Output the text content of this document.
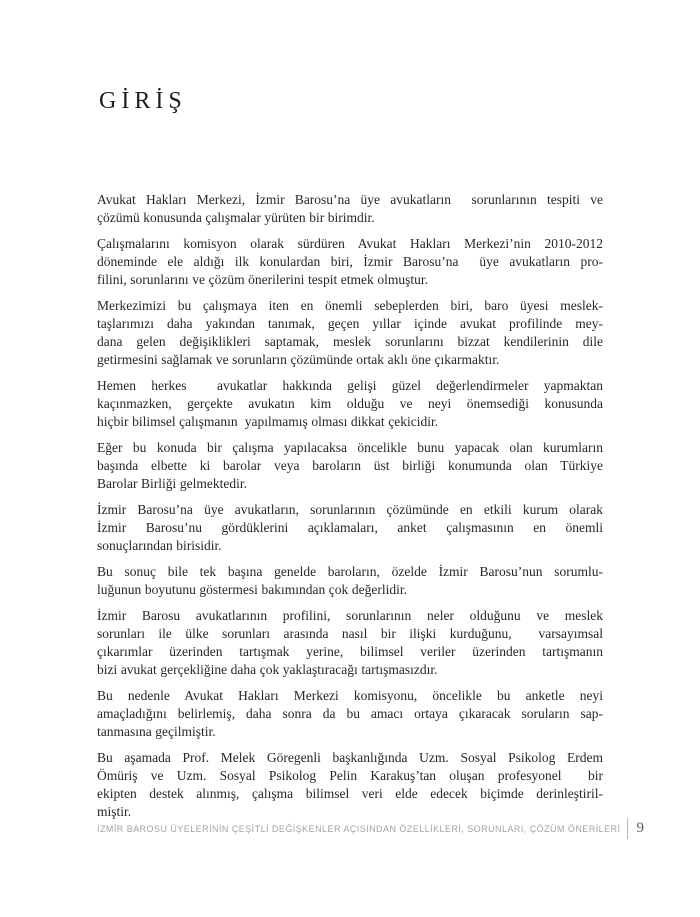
GİRİŞ
Avukat Hakları Merkezi, İzmir Barosu’na üye avukatların  sorunlarının tespiti ve
çözümü konusunda çalışmalar yürüten bir birimdir.
Çalışmalarını komisyon olarak sürdüren Avukat Hakları Merkezi’nin 2010-2012
döneminde ele aldığı ilk konulardan biri, İzmir Barosu’na  üye avukatların pro-
filini, sorunlarını ve çözüm önerilerini tespit etmek olmuştur.
Merkezimizi bu çalışmaya iten en önemli sebeplerden biri, baro üyesi meslek-
taşlarımızı daha yakından tanımak, geçen yıllar içinde avukat profilinde mey-
dana gelen değişiklikleri saptamak, meslek sorunlarını bizzat kendilerinin dile
getirmesini sağlamak ve sorunların çözümünde ortak aklı öne çıkarmaktır.
Hemen herkes  avukatlar hakkında gelişi güzel değerlendirmeler yapmaktan
kaçınmazken, gerçekte avukatın kim olduğu ve neyi önemsediği konusunda
hiçbir bilimsel çalışmanın  yapılmamış olması dikkat çekicidir.
Eğer bu konuda bir çalışma yapılacaksa öncelikle bunu yapacak olan kurumların
başında elbette ki barolar veya baroların üst birliği konumunda olan Türkiye
Barolar Birliği gelmektedir.
İzmir Barosu’na üye avukatların, sorunlarının çözümünde en etkili kurum olarak
İzmir Barosu’nu gördüklerini açıklamaları, anket çalışmasının en önemli
sonuçlarından birisidir.
Bu sonuç bile tek başına genelde baroların, özelde İzmir Barosu’nun sorumlu-
luğunun boyutunu göstermesi bakımından çok değerlidir.
İzmir Barosu avukatlarının profilini, sorunlarının neler olduğunu ve meslek
sorunları ile ülke sorunları arasında nasıl bir ilişki kurduğunu,  varsayımsal
çıkarımlar üzerinden tartışmak yerine, bilimsel veriler üzerinden tartışmanın
bizi avukat gerçekliğine daha çok yaklaştıracağı tartışmasızdır.
Bu nedenle Avukat Hakları Merkezi komisyonu, öncelikle bu anketle neyi
amaçladığını belirlemiş, daha sonra da bu amacı ortaya çıkaracak soruların sap-
tanmasına geçilmiştir.
Bu aşamada Prof. Melek Göregenli başkanlığında Uzm. Sosyal Psikolog Erdem
Ömüriş ve Uzm. Sosyal Psikolog Pelin Karakuş’tan oluşan profesyonel  bir
ekipten destek alınmış, çalışma bilimsel veri elde edecek biçimde derinleştiril-
miştir.
İZMİR BAROSU ÜYELERİNİN ÇEŞİTLİ DEĞİŞKENLER AÇISINDAN ÖZELLİKLERİ, SORUNLARI, ÇÖZÜM ÖNERİLERİ 9
